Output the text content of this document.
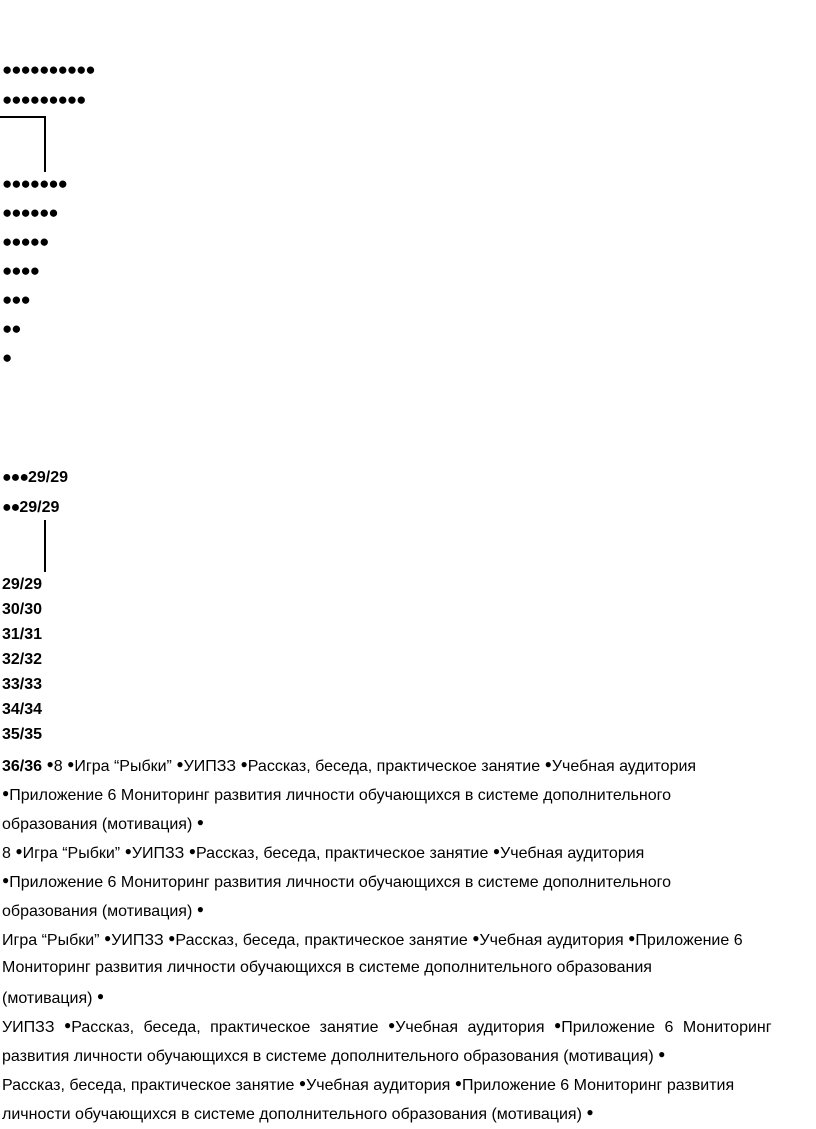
●●●●●●●●●●
●●●●●●●●●
●●●●●●●
●●●●●●
●●●●●
●●●●
●●●
●●
●
●●●29/29
●●29/29
29/29
30/30
31/31
32/32
33/33
34/34
35/35
36/36 ●8 ●Игра “Рыбки” ●УИПЗЗ ●Рассказ, беседа, практическое занятие ●Учебная аудитория
●Приложение 6 Мониторинг развития личности обучающихся в системе дополнительного
образования (мотивация) ●
8 ●Игра “Рыбки” ●УИПЗЗ ●Рассказ, беседа, практическое занятие ●Учебная аудитория
●Приложение 6 Мониторинг развития личности обучающихся в системе дополнительного
образования (мотивация) ●
Игра “Рыбки” ●УИПЗЗ ●Рассказ, беседа, практическое занятие ●Учебная аудитория ●Приложение 6
Мониторинг развития личности обучающихся в системе дополнительного образования
(мотивация) ●
УИПЗЗ ●Рассказ, беседа, практическое занятие ●Учебная аудитория ●Приложение 6 Мониторинг
развития личности обучающихся в системе дополнительного образования (мотивация) ●
Рассказ, беседа, практическое занятие ●Учебная аудитория ●Приложение 6 Мониторинг развития
личности обучающихся в системе дополнительного образования (мотивация) ●
